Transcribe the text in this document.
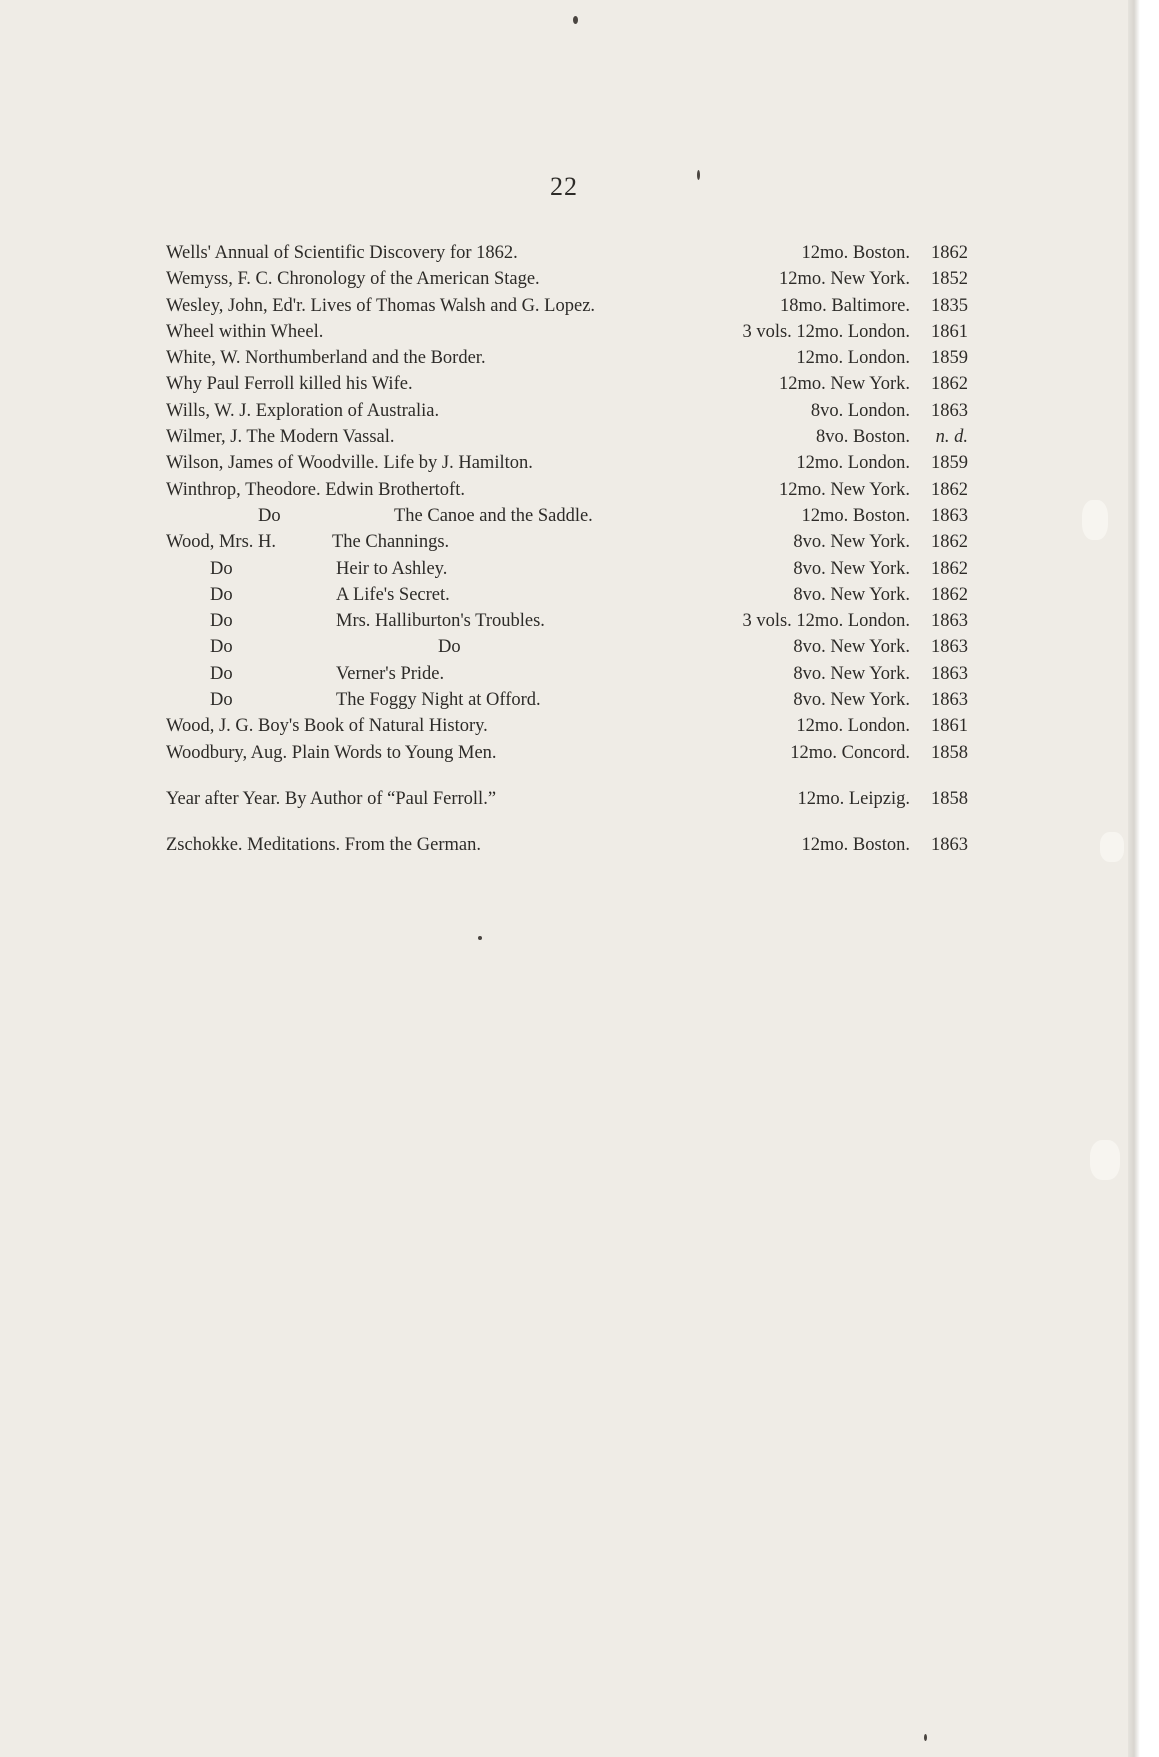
22
Wells' Annual of Scientific Discovery for 1862.	12mo. Boston.	1862
Wemyss, F. C. Chronology of the American Stage.	12mo. New York.	1852
Wesley, John, Ed'r. Lives of Thomas Walsh and G. Lopez.	18mo. Baltimore.	1835
Wheel within Wheel.	3 vols. 12mo. London.	1861
White, W. Northumberland and the Border.	12mo. London.	1859
Why Paul Ferroll killed his Wife.	12mo. New York.	1862
Wills, W. J. Exploration of Australia.	8vo. London.	1863
Wilmer, J. The Modern Vassal.	8vo. Boston.	n. d.
Wilson, James of Woodville. Life by J. Hamilton.	12mo. London.	1859
Winthrop, Theodore. Edwin Brothertoft.	12mo. New York.	1862
Do	The Canoe and the Saddle.	12mo. Boston.	1863
Wood, Mrs. H.	The Channings.	8vo. New York.	1862
Do	Heir to Ashley.	8vo. New York.	1862
Do	A Life's Secret.	8vo. New York.	1862
Do	Mrs. Halliburton's Troubles.	3 vols. 12mo. London.	1863
Do	Do	8vo. New York.	1863
Do	Verner's Pride.	8vo. New York.	1863
Do	The Foggy Night at Offord.	8vo. New York.	1863
Wood, J. G. Boy's Book of Natural History.	12mo. London.	1861
Woodbury, Aug. Plain Words to Young Men.	12mo. Concord.	1858
Year after Year. By Author of “Paul Ferroll.”	12mo. Leipzig.	1858
Zschokke. Meditations. From the German.	12mo. Boston.	1863
